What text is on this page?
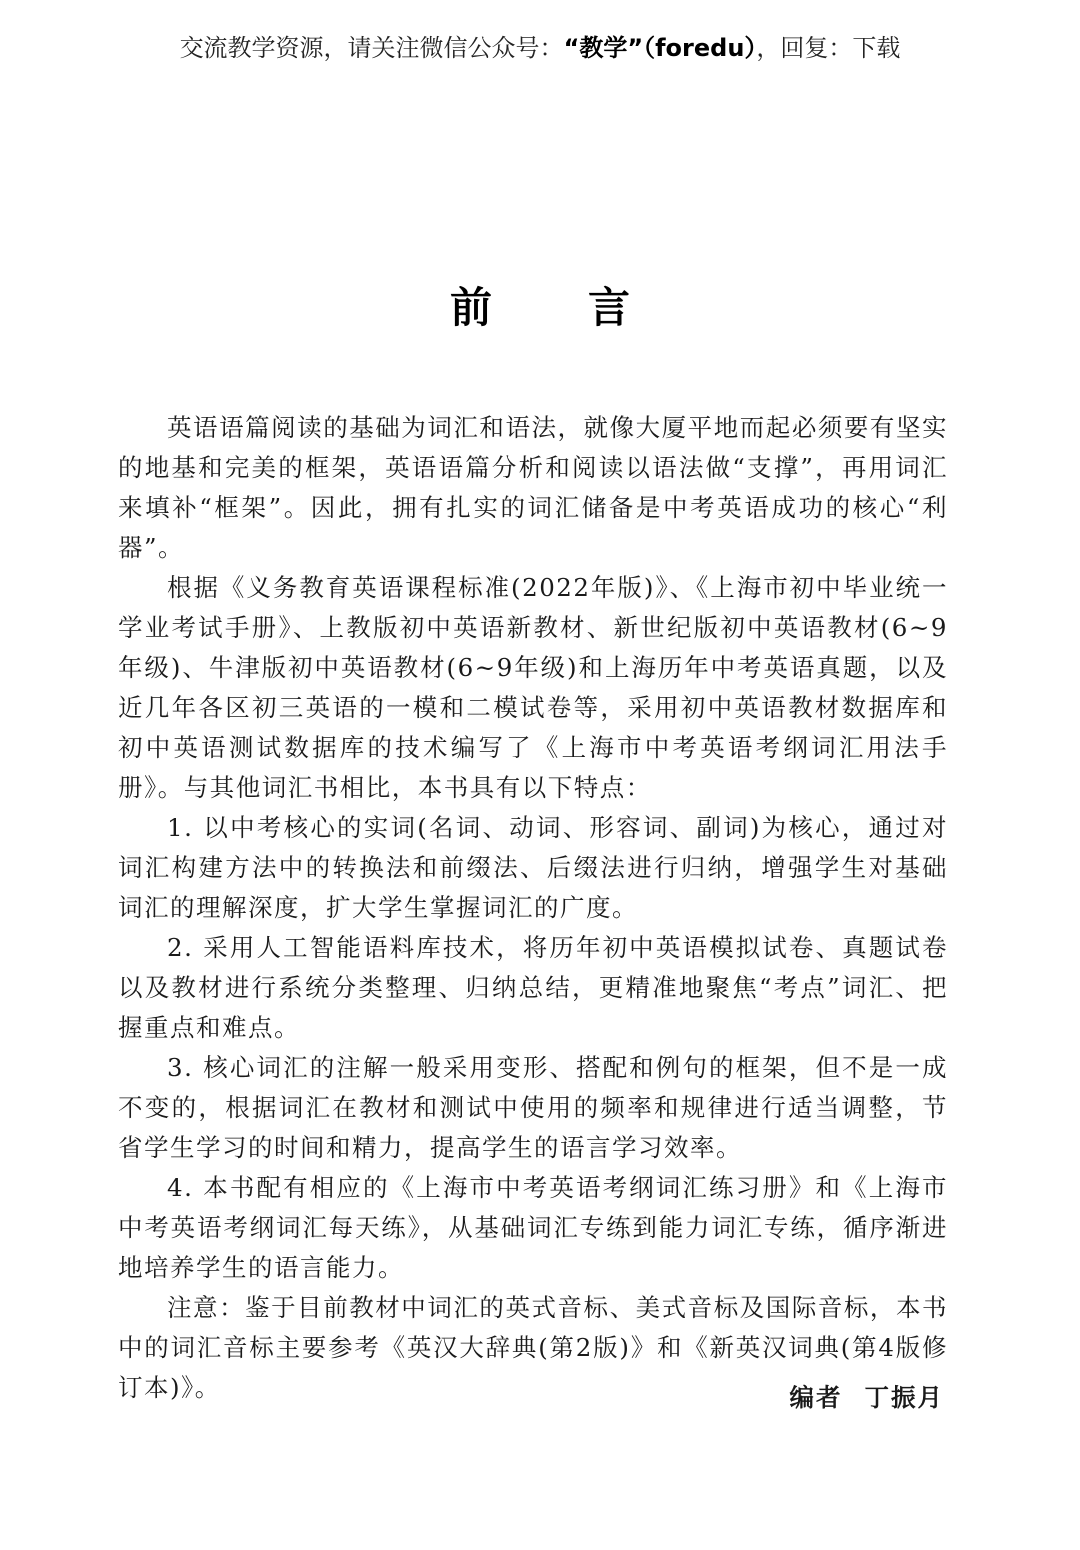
交流教学资源，请关注微信公众号：“教学”（foredu），回复：下载
前言

英语语篇阅读的基础为词汇和语法，就像大厦平地而起必须要有坚实的地基和完美的框架，英语语篇分析和阅读以语法做“支撑”，再用词汇来填补“框架”。因此，拥有扎实的词汇储备是中考英语成功的核心“利器”。

根据《义务教育英语课程标准(2022年版)》、《上海市初中毕业统一学业考试手册》、上教版初中英语新教材、新世纪版初中英语教材(6~9年级)、牛津版初中英语教材(6~9年级)和上海历年中考英语真题，以及近几年各区初三英语的一模和二模试卷等，采用初中英语教材数据库和初中英语测试数据库的技术编写了《上海市中考英语考纲词汇用法手册》。与其他词汇书相比，本书具有以下特点：

1. 以中考核心的实词(名词、动词、形容词、副词)为核心，通过对词汇构建方法中的转换法和前缀法、后缀法进行归纳，增强学生对基础词汇的理解深度，扩大学生掌握词汇的广度。

2. 采用人工智能语料库技术，将历年初中英语模拟试卷、真题试卷以及教材进行系统分类整理、归纳总结，更精准地聚焦“考点”词汇、把握重点和难点。

3. 核心词汇的注解一般采用变形、搭配和例句的框架，但不是一成不变的，根据词汇在教材和测试中使用的频率和规律进行适当调整，节省学生学习的时间和精力，提高学生的语言学习效率。

4. 本书配有相应的《上海市中考英语考纲词汇练习册》和《上海市中考英语考纲词汇每天练》，从基础词汇专练到能力词汇专练，循序渐进地培养学生的语言能力。

注意：鉴于目前教材中词汇的英式音标、美式音标及国际音标，本书中的词汇音标主要参考《英汉大辞典(第2版)》和《新英汉词典(第4版修订本)》。	编者 丁振月
